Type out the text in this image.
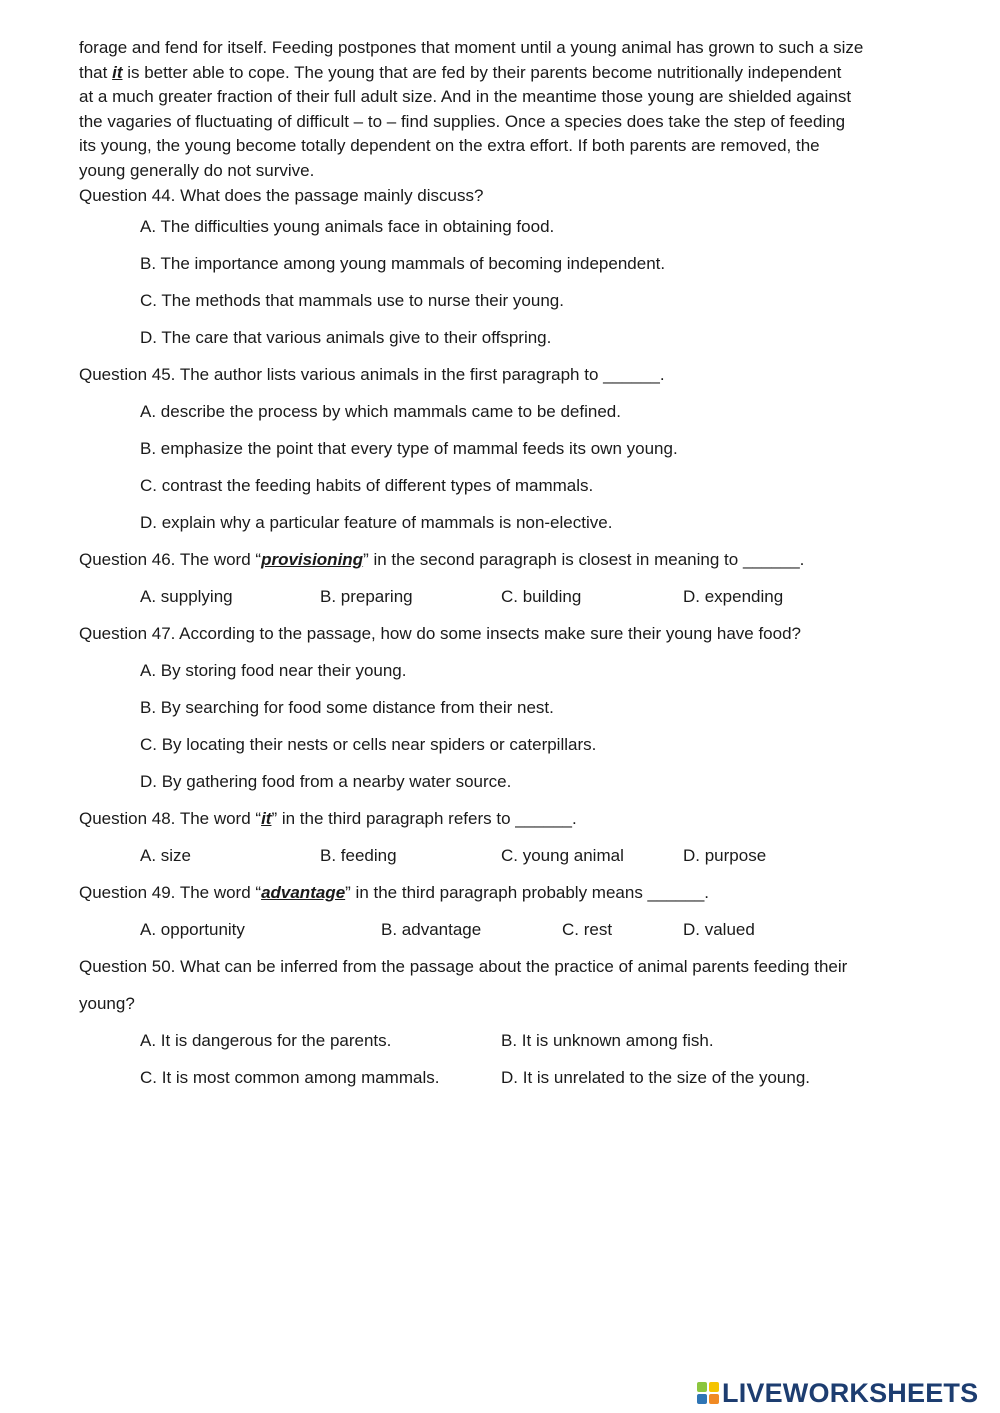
forage and fend for itself. Feeding postpones that moment until a young animal has grown to such a size
that it is better able to cope. The young that are fed by their parents become nutritionally independent
at a much greater fraction of their full adult size. And in the meantime those young are shielded against
the vagaries of fluctuating of difficult – to – find supplies. Once a species does take the step of feeding
its young, the young become totally dependent on the extra effort. If both parents are removed, the
young generally do not survive.
Question 44. What does the passage mainly discuss?
A. The difficulties young animals face in obtaining food.
B. The importance among young mammals of becoming independent.
C. The methods that mammals use to nurse their young.
D. The care that various animals give to their offspring.
Question 45. The author lists various animals in the first paragraph to ______.
A. describe the process by which mammals came to be defined.
B. emphasize the point that every type of mammal feeds its own young.
C. contrast the feeding habits of different types of mammals.
D. explain why a particular feature of mammals is non-elective.
Question 46. The word “provisioning” in the second paragraph is closest in meaning to ______.
A. supplying	B. preparing	C. building	D. expending
Question 47. According to the passage, how do some insects make sure their young have food?
A. By storing food near their young.
B. By searching for food some distance from their nest.
C. By locating their nests or cells near spiders or caterpillars.
D. By gathering food from a nearby water source.
Question 48. The word “it” in the third paragraph refers to ______.
A. size	B. feeding	C. young animal	D. purpose
Question 49. The word “advantage” in the third paragraph probably means ______.
A. opportunity	B. advantage	C. rest	D. valued
Question 50. What can be inferred from the passage about the practice of animal parents feeding their
young?
A. It is dangerous for the parents.	B. It is unknown among fish.
C. It is most common among mammals.	D. It is unrelated to the size of the young.
LIVEWORKSHEETS
